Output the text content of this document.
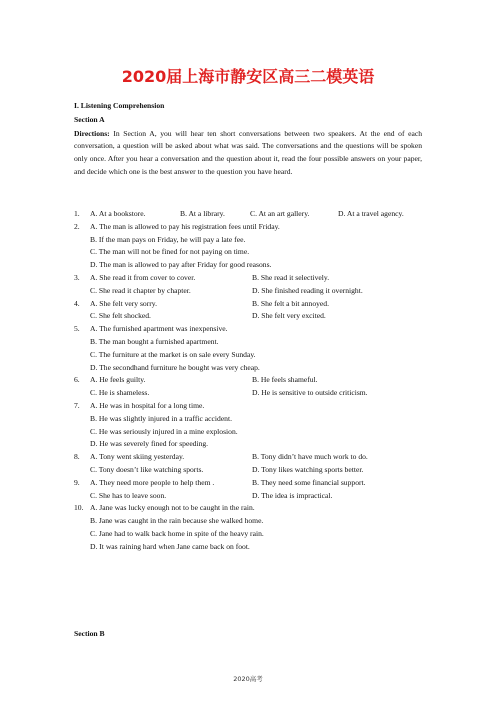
2020届上海市静安区高三二模英语
I. Listening Comprehension
Section A
Directions: In Section A, you will hear ten short conversations between two speakers. At the end of each conversation, a question will be asked about what was said. The conversations and the questions will be spoken only once. After you hear a conversation and the question about it, read the four possible answers on your paper, and decide which one is the best answer to the question you have heard.
1.	A. At a bookstore.	B. At a library.	C. At an art gallery.	D. At a travel agency.
2.	A. The man is allowed to pay his registration fees until Friday.
B. If the man pays on Friday, he will pay a late fee.
C. The man will not be fined for not paying on time.
D. The man is allowed to pay after Friday for good reasons.
3.	A. She read it from cover to cover.	B. She read it selectively.
C. She read it chapter by chapter.	D. She finished reading it overnight.
4.	A. She felt very sorry.	B. She felt a bit annoyed.
C. She felt shocked.	D. She felt very excited.
5.	A. The furnished apartment was inexpensive.
B. The man bought a furnished apartment.
C. The furniture at the market is on sale every Sunday.
D. The secondhand furniture he bought was very cheap.
6.	A. He feels guilty.	B. He feels shameful.
C. He is shameless.	D. He is sensitive to outside criticism.
7.	A. He was in hospital for a long time.
B. He was slightly injured in a traffic accident.
C. He was seriously injured in a mine explosion.
D. He was severely fined for speeding.
8.	A. Tony went skiing yesterday.	B. Tony didn’t have much work to do.
C. Tony doesn’t like watching sports.	D. Tony likes watching sports better.
9.	A. They need more people to help them .	B. They need some financial support.
C. She has to leave soon.	D. The idea is impractical.
10. A. Jane was lucky enough not to be caught in the rain.
B. Jane was caught in the rain because she walked home.
C. Jane had to walk back home in spite of the heavy rain.
D. It was raining hard when Jane came back on foot.
Section B
2020高考
